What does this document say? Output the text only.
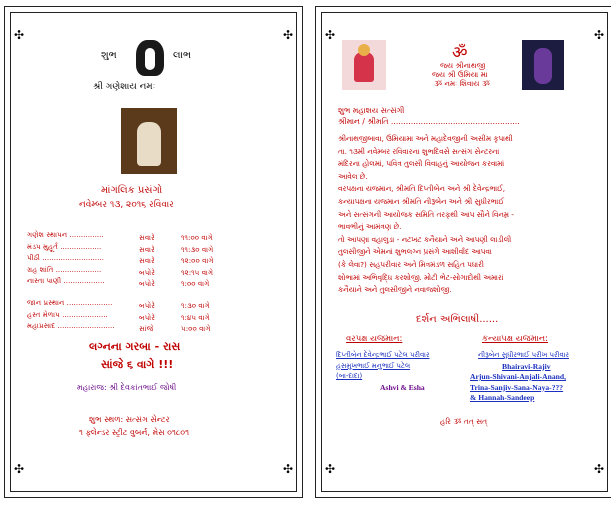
✣	✣
✣	✣
શુભ	લાભ
શ્રી ગણેશાય નમઃ
માંગલિક પ્રસંગો
નવેમ્બર ૧૩, ૨૦૧૬ રવિવાર
લગ્નના ગરબા - રાસ
સાંજે ૬ વાગે !!!
મહારાજ: શ્રી દેવકાંતભાઈ જોષી
શુભ સ્થળ: સત્સંગ સેન્ટર
૧ ફ્લેન્ડર સ્ટ્રીટ વુબર્ન, મેસ ૦૧૮૦૧
ગણેશ સ્થાપન ...............	સવારે	૧૧:૦૦ વાગે
મંડપ મુહૂર્ત ..................	સવારે	૧૧:૩૦ વાગે
પીઠી ...........................	સવારે	૧૨:૦૦ વાગે
ગ્રહ શાંતિ ....................	બપોરે	૧૨:૧૫ વાગે
નાસ્તા પાણી ..................	બપોરે	૧:૦૦ વાગે
જાન પ્રસ્થાન ....................	બપોરે	૧:૩૦ વાગે
હસ્ત મેળાપ ....................	બપોરે	૧:૪૫ વાગે
મહાપ્રસાદ .........................	સાંજે	૫:૦૦ વાગે
✣	✣
✣	✣
ॐ
જય શ્રીનાથજી
જય શ્રી ઉમિયા મા
ૐ નમઃ શિવાય ૐ
શુભ મહાશય સત્સંગી
શ્રીમાન / શ્રીમતિ ....................................................
દર્શન અભિલાષી......
વરપક્ષ યજમાન:	કન્યાપક્ષ યજમાન:
હરિ ૐ તત્ સત્
શ્રીનાથજીબાવા, ઉમિયામા અને મહાદેવજીની અસીમ કૃપાથી
તા. ૧૩મી નવેમ્બર રવિવારના શુભદિવસે સત્સંગ સેન્ટરના
મંદિરના હોલમાં, પવિત્ર તુલસી વિવાહનું આયોજન કરવામાં
આવેલ છે.
વરપક્ષના યજમાન, શ્રીમતિ દિપ્તીબેન અને શ્રી દેવેન્દ્રભાઈ,
કન્યાપક્ષના યજમાન શ્રીમતિ નીરૂબેન અને શ્રી સુધીરભાઈ
અને સત્સંગની આયોજક સમિતિ તરફથી આપ સૌને વિનમ્ર -
ભાવભીનું આમંત્રણ છે.
તો આપણા વહાલુડા - નટખટ કનૈયાને અને આપણી લાડીલી
તુલસીજીને એમનાં શુભલગ્ન પ્રસંગે આશીર્વાદ આપવા
(કે લેવા?) સહપરીવાર અને મિત્રમંડળ સહિત પધારી
શોભામાં અભિવૃદ્ધિ કરશોજી. મોટી ભેટ-સોગાદોથી અમારાં
કનૈયાને અને તુલસીજીને નવાજશોજી.
દિપ્તીબેન દેવેન્દ્રભાઈ પટેલ પરીવાર
હસમુખભાઈ મનુભાઈ પટેલ
(બા-દાદા)
Ashvi & Esha
નીરૂબેન સુધીરભાઈ પરીખ પરીવાર
Bhairavi-Rajiv
Arjun-Shivani-Anjali-Anand,
Trina-Sanjiv-Sana-Naya-???
& Hannah-Sandeep
